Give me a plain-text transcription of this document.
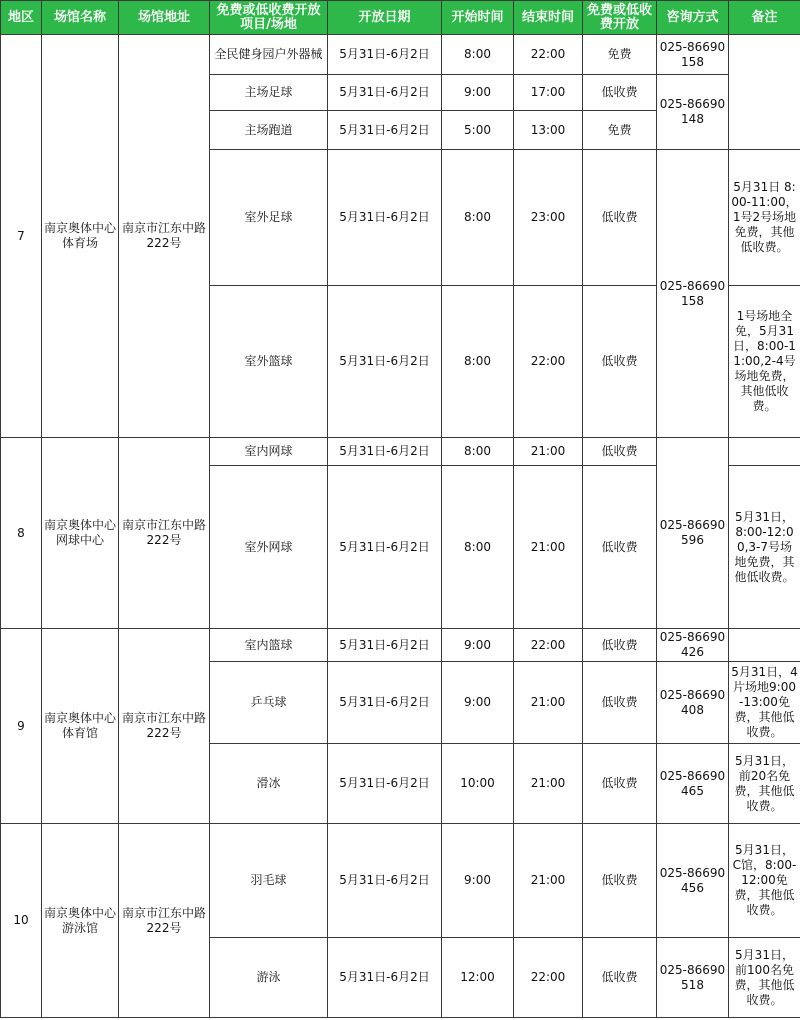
地区	场馆名称	场馆地址	免费或低收费开放项目/场地	开放日期	开始时间	结束时间	免费或低收费开放	咨询方式	备注
7	南京奥体中心体育场	南京市江东中路222号	全民健身园户外器械	5月31日-6月2日	8:00	22:00	免费	025-86690158	
			主场足球	5月31日-6月2日	9:00	17:00	低收费	025-86690148	
			主场跑道	5月31日-6月2日	5:00	13:00	免费		
			室外足球	5月31日-6月2日	8:00	23:00	低收费	025-86690158	5月31日 8:00-11:00，1号2号场地免费，其他低收费。
			室外篮球	5月31日-6月2日	8:00	22:00	低收费		1号场地全免，5月31日，8:00-11:00,2-4号场地免费，其他低收费。
8	南京奥体中心网球中心	南京市江东中路222号	室内网球	5月31日-6月2日	8:00	21:00	低收费	025-86690596	
			室外网球	5月31日-6月2日	8:00	21:00	低收费		5月31日，8:00-12:00,3-7号场地免费，其他低收费。
9	南京奥体中心体育馆	南京市江东中路222号	室内篮球	5月31日-6月2日	9:00	22:00	低收费	025-86690426	
			乒乓球	5月31日-6月2日	9:00	21:00	低收费	025-86690408	5月31日，4片场地9:00-13:00免费，其他低收费。
			滑冰	5月31日-6月2日	10:00	21:00	低收费	025-86690465	5月31日，前20名免费，其他低收费。
10	南京奥体中心游泳馆	南京市江东中路222号	羽毛球	5月31日-6月2日	9:00	21:00	低收费	025-86690456	5月31日，C馆，8:00-12:00免费，其他低收费。
			游泳	5月31日-6月2日	12:00	22:00	低收费	025-86690518	5月31日，前100名免费，其他低收费。
